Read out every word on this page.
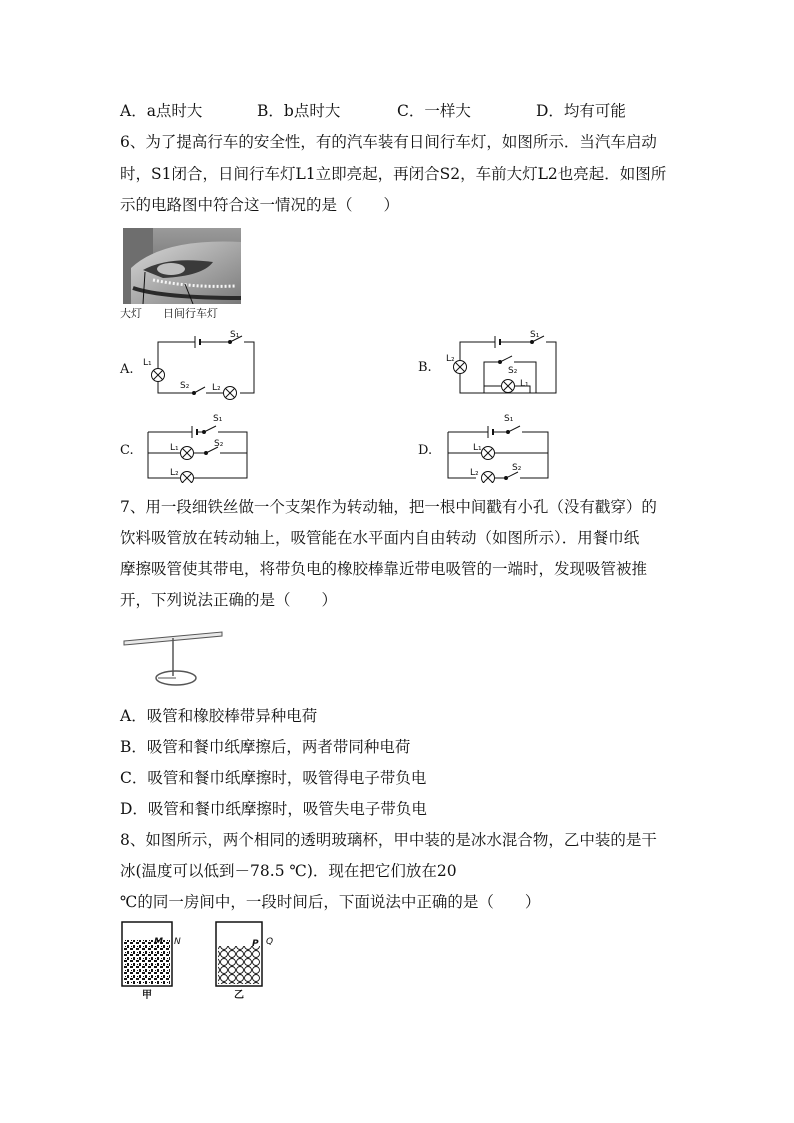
A．a点时大	B．b点时大	C．一样大	D．均有可能
6、为了提高行车的安全性，有的汽车装有日间行车灯，如图所示．当汽车启动
时，S1闭合，日间行车灯L1立即亮起，再闭合S2，车前大灯L2也亮起．如图所
示的电路图中符合这一情况的是（　　）
大灯 日间行车灯
A.
S₁
S₂
L₁
L₂
B.
S₁
S₂
L₂
L₁
C.
S₁
S₂
L₁
L₂
D.
S₁
S₂
L₁
L₂
7、用一段细铁丝做一个支架作为转动轴，把一根中间戳有小孔（没有戳穿）的
饮料吸管放在转动轴上，吸管能在水平面内自由转动（如图所示）．用餐巾纸
摩擦吸管使其带电，将带负电的橡胶棒靠近带电吸管的一端时，发现吸管被推
开，下列说法正确的是（　　）
A．吸管和橡胶棒带异种电荷
B．吸管和餐巾纸摩擦后，两者带同种电荷
C．吸管和餐巾纸摩擦时，吸管得电子带负电
D．吸管和餐巾纸摩擦时，吸管失电子带负电
8、如图所示，两个相同的透明玻璃杯，甲中装的是冰水混合物，乙中装的是干
冰(温度可以低到－78.5 ℃)．现在把它们放在20
℃的同一房间中，一段时间后，下面说法中正确的是（　　）
M N
甲
P Q
乙
